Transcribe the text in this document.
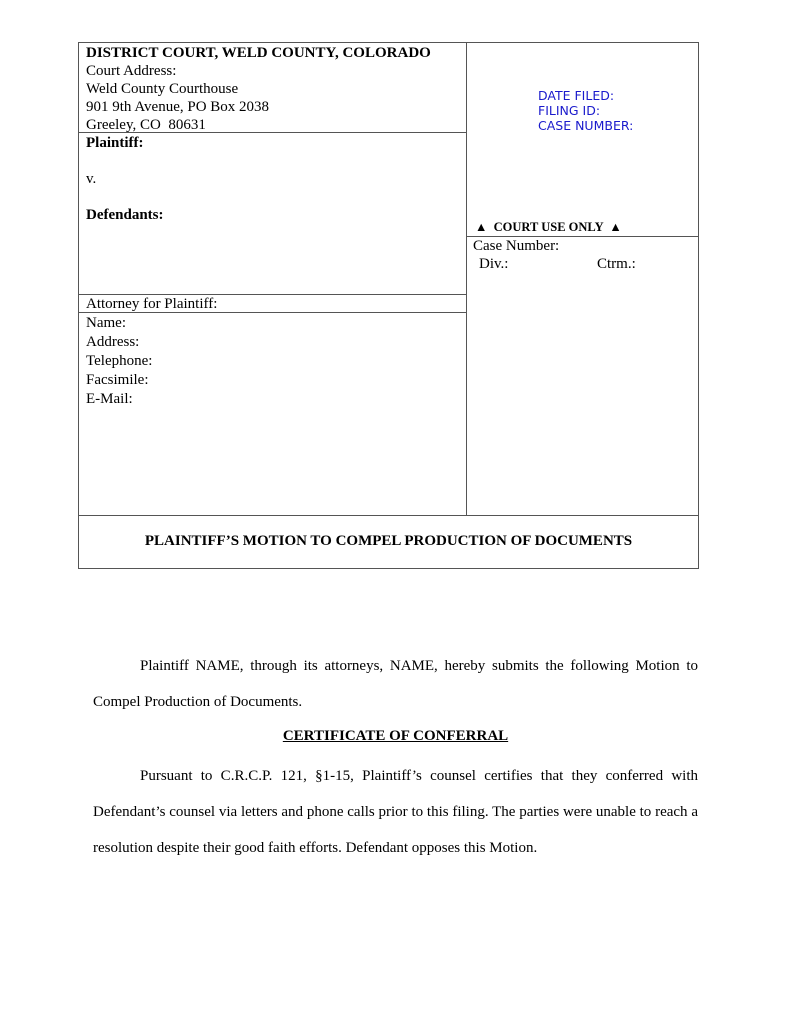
DISTRICT COURT, WELD COUNTY, COLORADO
Court Address:
Weld County Courthouse
901 9th Avenue, PO Box 2038
Greeley, CO  80631
Plaintiff:
v.
Defendants:
Attorney for Plaintiff:
Name:
Address:
Telephone:
Facsimile:
E-Mail:
DATE FILED:
FILING ID:
CASE NUMBER:
▲  COURT USE ONLY  ▲
Case Number:
Div.:	Ctrm.:
PLAINTIFF’S MOTION TO COMPEL PRODUCTION OF DOCUMENTS
Plaintiff NAME, through its attorneys, NAME, hereby submits the following Motion to Compel Production of Documents.
CERTIFICATE OF CONFERRAL
Pursuant to C.R.C.P. 121, §1-15, Plaintiff’s counsel certifies that they conferred with Defendant’s counsel via letters and phone calls prior to this filing. The parties were unable to reach a resolution despite their good faith efforts. Defendant opposes this Motion.
